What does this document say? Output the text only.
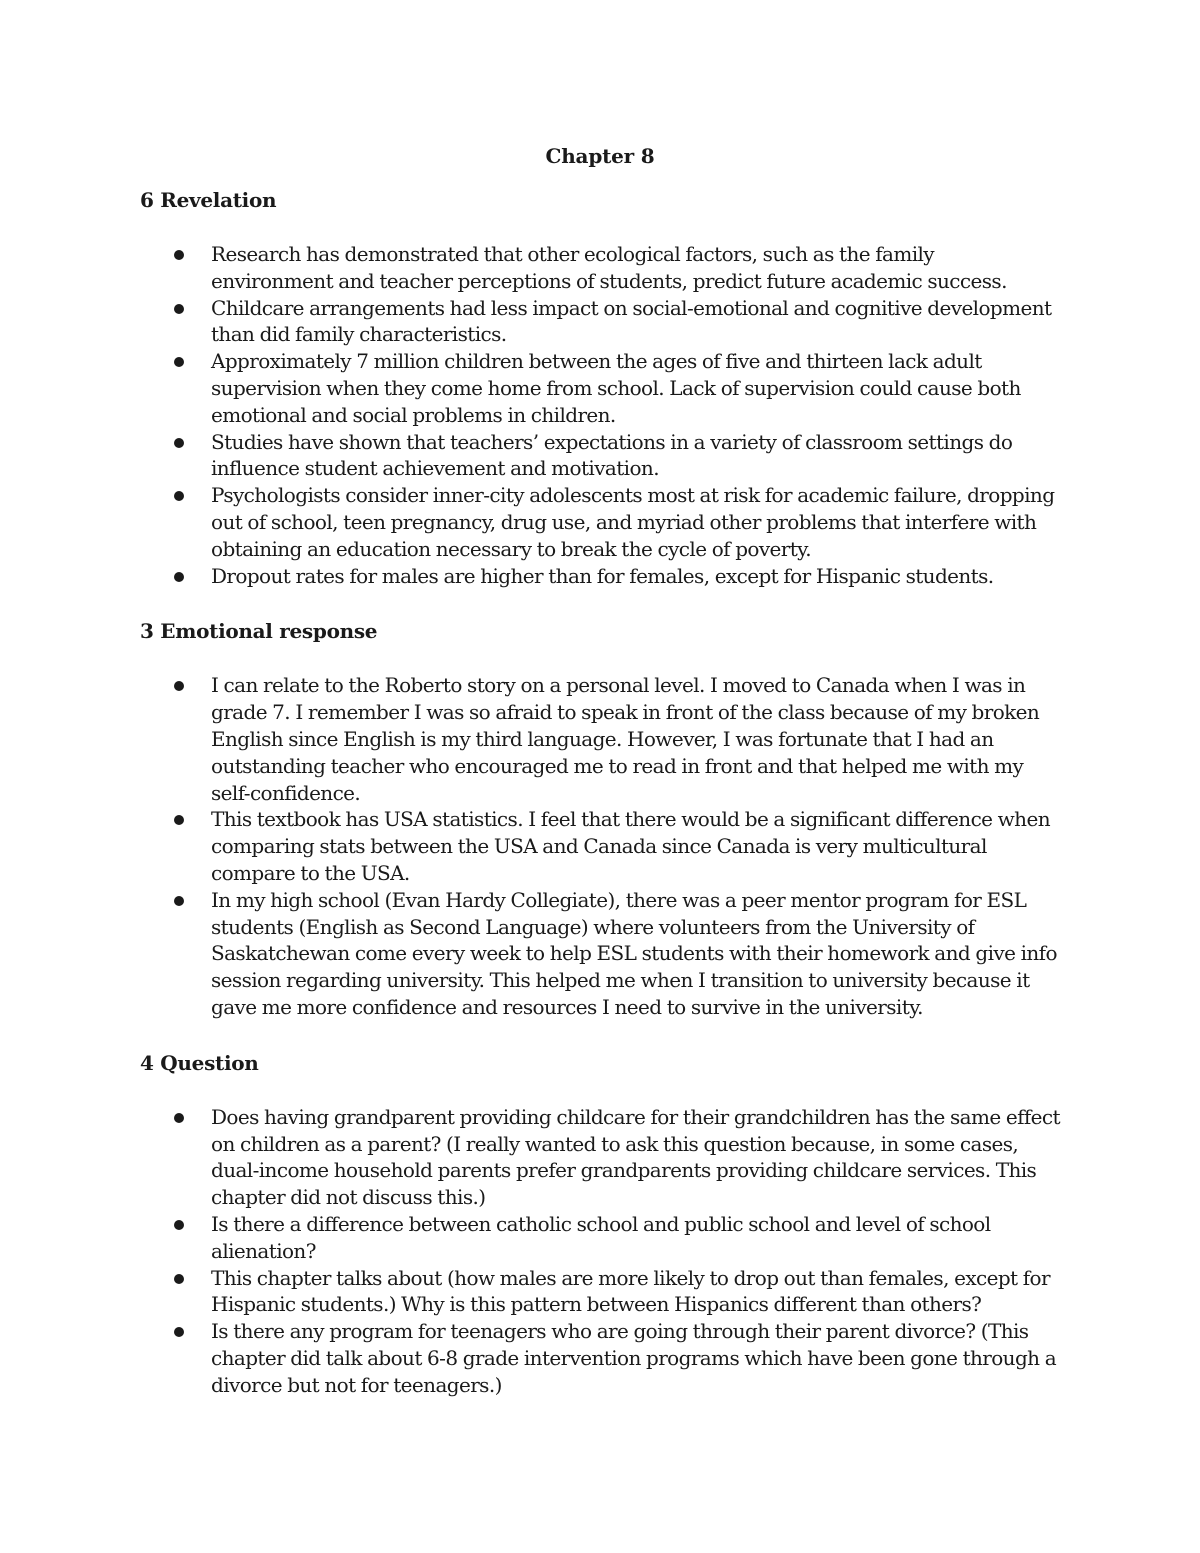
Chapter 8
6 Revelation
Research has demonstrated that other ecological factors, such as the family environment and teacher perceptions of students, predict future academic success.
Childcare arrangements had less impact on social-emotional and cognitive development than did family characteristics.
Approximately 7 million children between the ages of five and thirteen lack adult supervision when they come home from school. Lack of supervision could cause both emotional and social problems in children.
Studies have shown that teachers’ expectations in a variety of classroom settings do influence student achievement and motivation.
Psychologists consider inner-city adolescents most at risk for academic failure, dropping out of school, teen pregnancy, drug use, and myriad other problems that interfere with obtaining an education necessary to break the cycle of poverty.
Dropout rates for males are higher than for females, except for Hispanic students.
3 Emotional response
I can relate to the Roberto story on a personal level. I moved to Canada when I was in grade 7. I remember I was so afraid to speak in front of the class because of my broken English since English is my third language. However, I was fortunate that I had an outstanding teacher who encouraged me to read in front and that helped me with my self-confidence.
This textbook has USA statistics. I feel that there would be a significant difference when comparing stats between the USA and Canada since Canada is very multicultural compare to the USA.
In my high school (Evan Hardy Collegiate), there was a peer mentor program for ESL students (English as Second Language) where volunteers from the University of Saskatchewan come every week to help ESL students with their homework and give info session regarding university. This helped me when I transition to university because it gave me more confidence and resources I need to survive in the university.
4 Question
Does having grandparent providing childcare for their grandchildren has the same effect on children as a parent? (I really wanted to ask this question because, in some cases, dual-income household parents prefer grandparents providing childcare services. This chapter did not discuss this.)
Is there a difference between catholic school and public school and level of school alienation?
This chapter talks about (how males are more likely to drop out than females, except for Hispanic students.) Why is this pattern between Hispanics different than others?
Is there any program for teenagers who are going through their parent divorce? (This chapter did talk about 6-8 grade intervention programs which have been gone through a divorce but not for teenagers.)
